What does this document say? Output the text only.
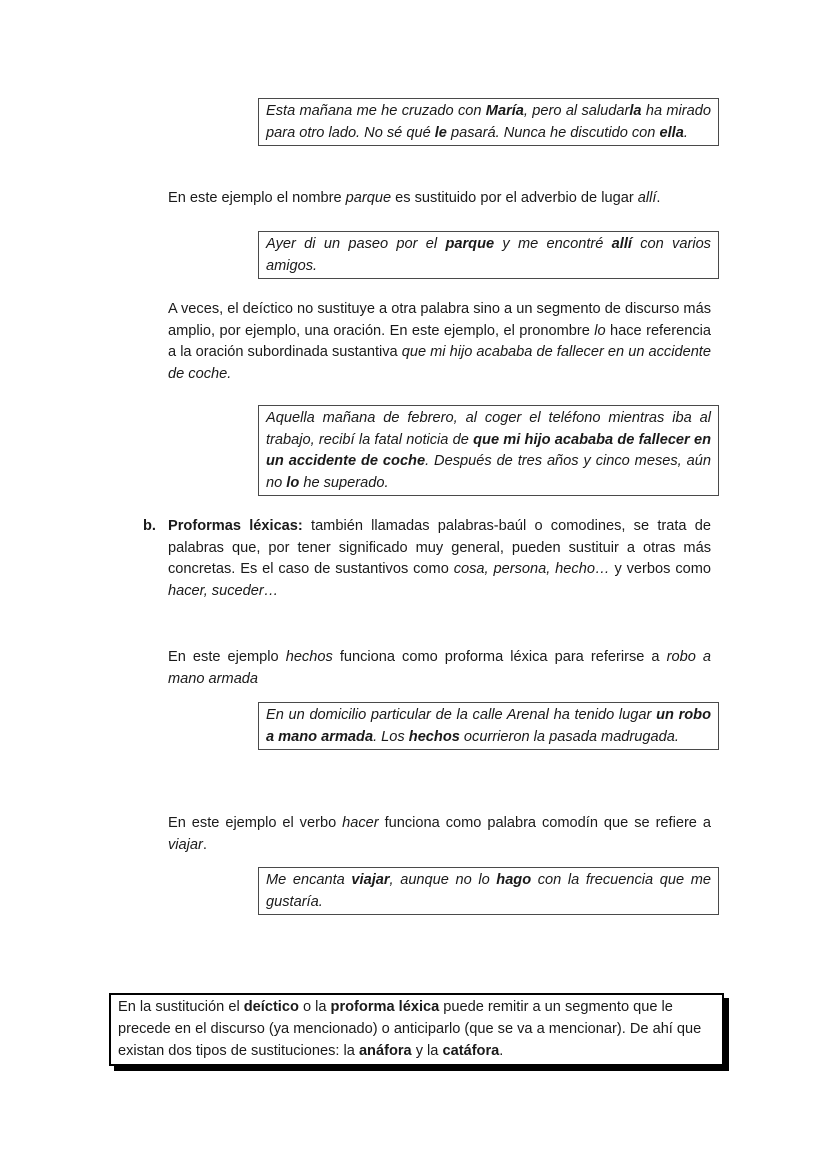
Esta mañana me he cruzado con María, pero al saludarla ha mirado para otro lado. No sé qué le pasará. Nunca he discutido con ella.
En este ejemplo el nombre parque es sustituido por el adverbio de lugar allí.
Ayer di un paseo por el parque y me encontré allí con varios amigos.
A veces, el deíctico no sustituye a otra palabra sino a un segmento de discurso más amplio, por ejemplo, una oración. En este ejemplo, el pronombre lo hace referencia a la oración subordinada sustantiva que mi hijo acababa de fallecer en un accidente de coche.
Aquella mañana de febrero, al coger el teléfono mientras iba al trabajo, recibí la fatal noticia de que mi hijo acababa de fallecer en un accidente de coche. Después de tres años y cinco meses, aún no lo he superado.
b. Proformas léxicas: también llamadas palabras-baúl o comodines, se trata de palabras que, por tener significado muy general, pueden sustituir a otras más concretas. Es el caso de sustantivos como cosa, persona, hecho… y verbos como hacer, suceder…
En este ejemplo hechos funciona como proforma léxica para referirse a robo a mano armada
En un domicilio particular de la calle Arenal ha tenido lugar un robo a mano armada. Los hechos ocurrieron la pasada madrugada.
En este ejemplo el verbo hacer funciona como palabra comodín que se refiere a viajar.
Me encanta viajar, aunque no lo hago con la frecuencia que me gustaría.
En la sustitución el deíctico o la proforma léxica puede remitir a un segmento que le precede en el discurso (ya mencionado) o anticiparlo (que se va a mencionar). De ahí que existan dos tipos de sustituciones: la anáfora y la catáfora.
